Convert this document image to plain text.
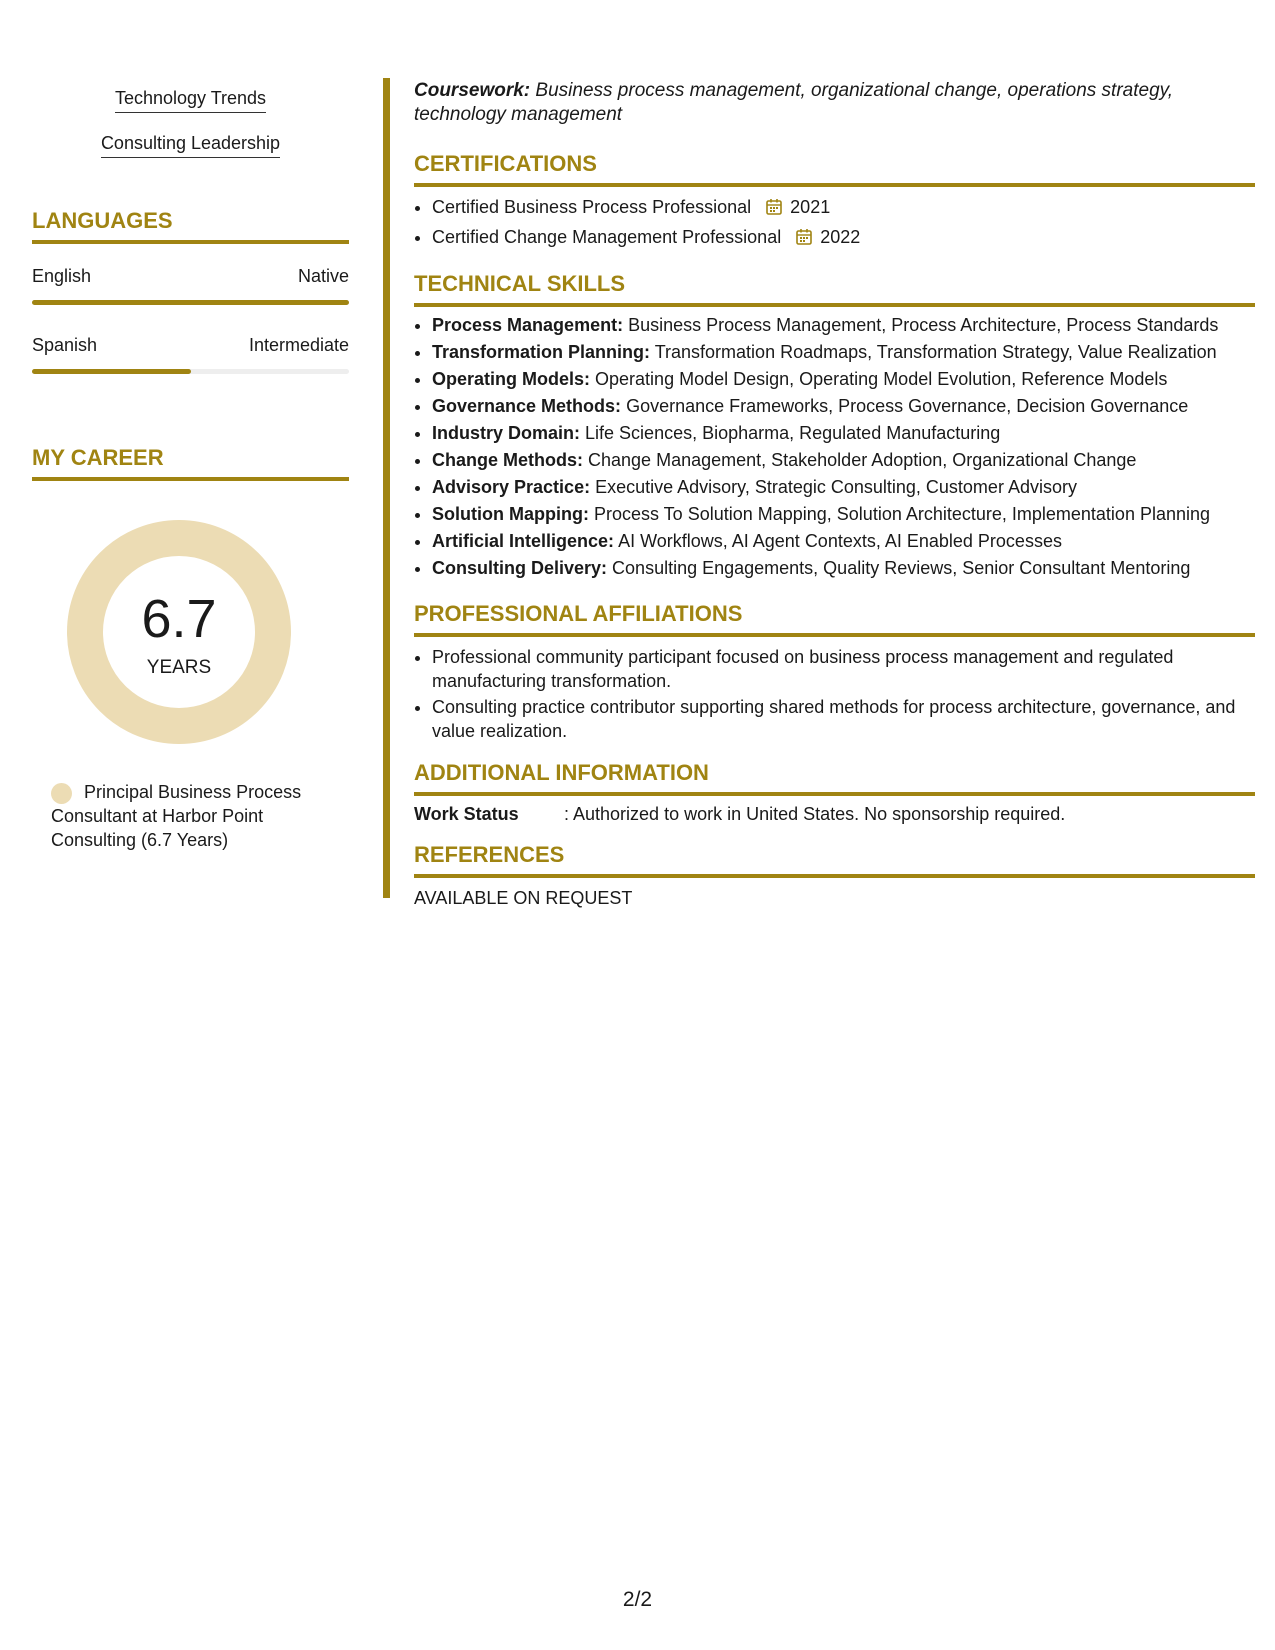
Technology Trends
Consulting Leadership
LANGUAGES
English	Native
Spanish	Intermediate
MY CAREER
6.7
YEARS
Principal Business Process Consultant at Harbor Point Consulting (6.7 Years)
Coursework: Business process management, organizational change, operations strategy, technology management
CERTIFICATIONS
• Certified Business Process Professional 2021
• Certified Change Management Professional 2022
TECHNICAL SKILLS
• Process Management: Business Process Management, Process Architecture, Process Standards
• Transformation Planning: Transformation Roadmaps, Transformation Strategy, Value Realization
• Operating Models: Operating Model Design, Operating Model Evolution, Reference Models
• Governance Methods: Governance Frameworks, Process Governance, Decision Governance
• Industry Domain: Life Sciences, Biopharma, Regulated Manufacturing
• Change Methods: Change Management, Stakeholder Adoption, Organizational Change
• Advisory Practice: Executive Advisory, Strategic Consulting, Customer Advisory
• Solution Mapping: Process To Solution Mapping, Solution Architecture, Implementation Planning
• Artificial Intelligence: AI Workflows, AI Agent Contexts, AI Enabled Processes
• Consulting Delivery: Consulting Engagements, Quality Reviews, Senior Consultant Mentoring
PROFESSIONAL AFFILIATIONS
• Professional community participant focused on business process management and regulated manufacturing transformation.
• Consulting practice contributor supporting shared methods for process architecture, governance, and value realization.
ADDITIONAL INFORMATION
Work Status	: Authorized to work in United States. No sponsorship required.
REFERENCES
AVAILABLE ON REQUEST
2/2
